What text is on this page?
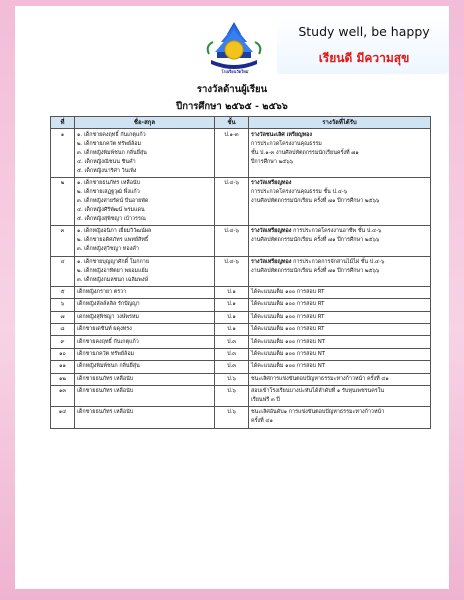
โรงเรียนวัดใหม่
Study well, be happy
เรียนดี มีความสุข
รางวัลด้านผู้เรียน
ปีการศึกษา ๒๕๖๕ - ๒๕๖๖
ที่	ชื่อ-สกุล	ชั้น	รางวัลที่ได้รับ
๑	๑. เด็กชายคงฤทธิ์ กันเกตุแก้ว
๒. เด็กชายภควัต ทรัพย์ล้อม
๓. เด็กหญิงพิมพ์ชนก กลิ่นยี่สุ่น
๔. เด็กหญิงณิชนน ชินคำ
๕. เด็กหญิงนาริศา วินเพิ่ง	ป.๑-๓	รางวัลชนะเลิศ เหรียญทอง
การประกวดโครงงานคุณธรรม
ชั้น ป.๑-๓ งานศิลปหัตถกรรมนักเรียนครั้งที่ ๗๑
ปีการศึกษา ๒๕๖๖

๒	๑. เด็กชายธนภัทร เหลือนับ
๒. เด็กชายเสฏฐวุฒิ พึ่งแก้ว
๓. เด็กหญิงสายรัดน์ ปันอายพัด
๔. เด็กหญิงศิริพัฒน์ พรมแดน
๕. เด็กหญิงสุพิชญา เบ้าวรรณ	ป.๔-๖	รางวัลเหรียญทอง
การประกวดโครงงานคุณธรรม ชั้น ป.๔-๖
งานศิลปหัตถกรรมนักเรียน ครั้งที่ ๗๑ ปีการศึกษา ๒๕๖๖

๓	๑. เด็กหญิงอนิภา เยี่ยมวิวัฒน์ผล
๒. เด็กชายอดิศภัทร แพทย์สิทธิ์
๓. เด็กหญิงสุวิชญา ทองคำ	ป.๔-๖	รางวัลเหรียญทอง การประกวดโครงงานอาชีพ ชั้น ป.๔-๖
งานศิลปหัตถกรรมนักเรียน ครั้งที่ ๗๑ ปีการศึกษา ๒๕๖๖

๔	๑. เด็กชายบุญญาศักดิ์ โมกกาย
๒. เด็กหญิงอาทิตยา พยอมแย้ม
๓. เด็กหญิงกมลชนก เฉลิมพงษ์	ป.๔-๖	รางวัลเหรียญทอง การประกวดการจักสานไม้ไผ่ ชั้น ป.๔-๖
งานศิลปหัตถกรรมนักเรียน ครั้งที่ ๗๑ ปีการศึกษา ๒๕๖๖

๕	เด็กหญิงภรายา ตรวา	ป.๑	ได้คะแนนเต็ม ๑๐๐ การสอบ RT

๖	เด็กหญิงลัลล์ลลิล รักปัญญา	ป.๑	ได้คะแนนเต็ม ๑๐๐ การสอบ RT

๗	เดกหญิงสุพิชญา วงษ์พรหม	ป.๑	ได้คะแนนเต็ม ๑๐๐ การสอบ RT

๘	เด็กชายเดชินท์ ผดุงทรง	ป.๑	ได้คะแนนเต็ม ๑๐๐ การสอบ RT

๙	เด็กชายคงฤทธิ์ กันเกตุแก้ว	ป.๓	ได้คะแนนเต็ม ๑๐๐ การสอบ NT

๑๐	เด็กชายภควัต ทรัพย์ล้อม	ป.๓	ได้คะแนนเต็ม ๑๐๐ การสอบ NT

๑๑	เด็กหญิงพิมพ์ชนก กลิ่นยี่สุ่น	ป.๓	ได้คะแนนเต็ม ๑๐๐ การสอบ NT

๑๒	เด็กชายธนภัทร เหลือนับ	ป.๖	ชนะเลิศการแข่งขันตอบปัญหาธรรมะทางก้าวหน้า ครั้งที่ ๔๑

๑๓	เด็กชายธนภัทร เหลือนับ	ป.๖	สอบเข้าโรงเรียนบางปะหันได้ลำดับที่ ๑ รับทุนเพชรนครใน
เรียนฟรี ๓ ปี

๑๔	เด็กชายธนภัทร เหลือนับ	ป.๖	ชนะเลิศอันดับ๑ การแข่งขันตอบปัญหาธรรมะทางก้าวหน้า
ครั้งที่ ๔๑
